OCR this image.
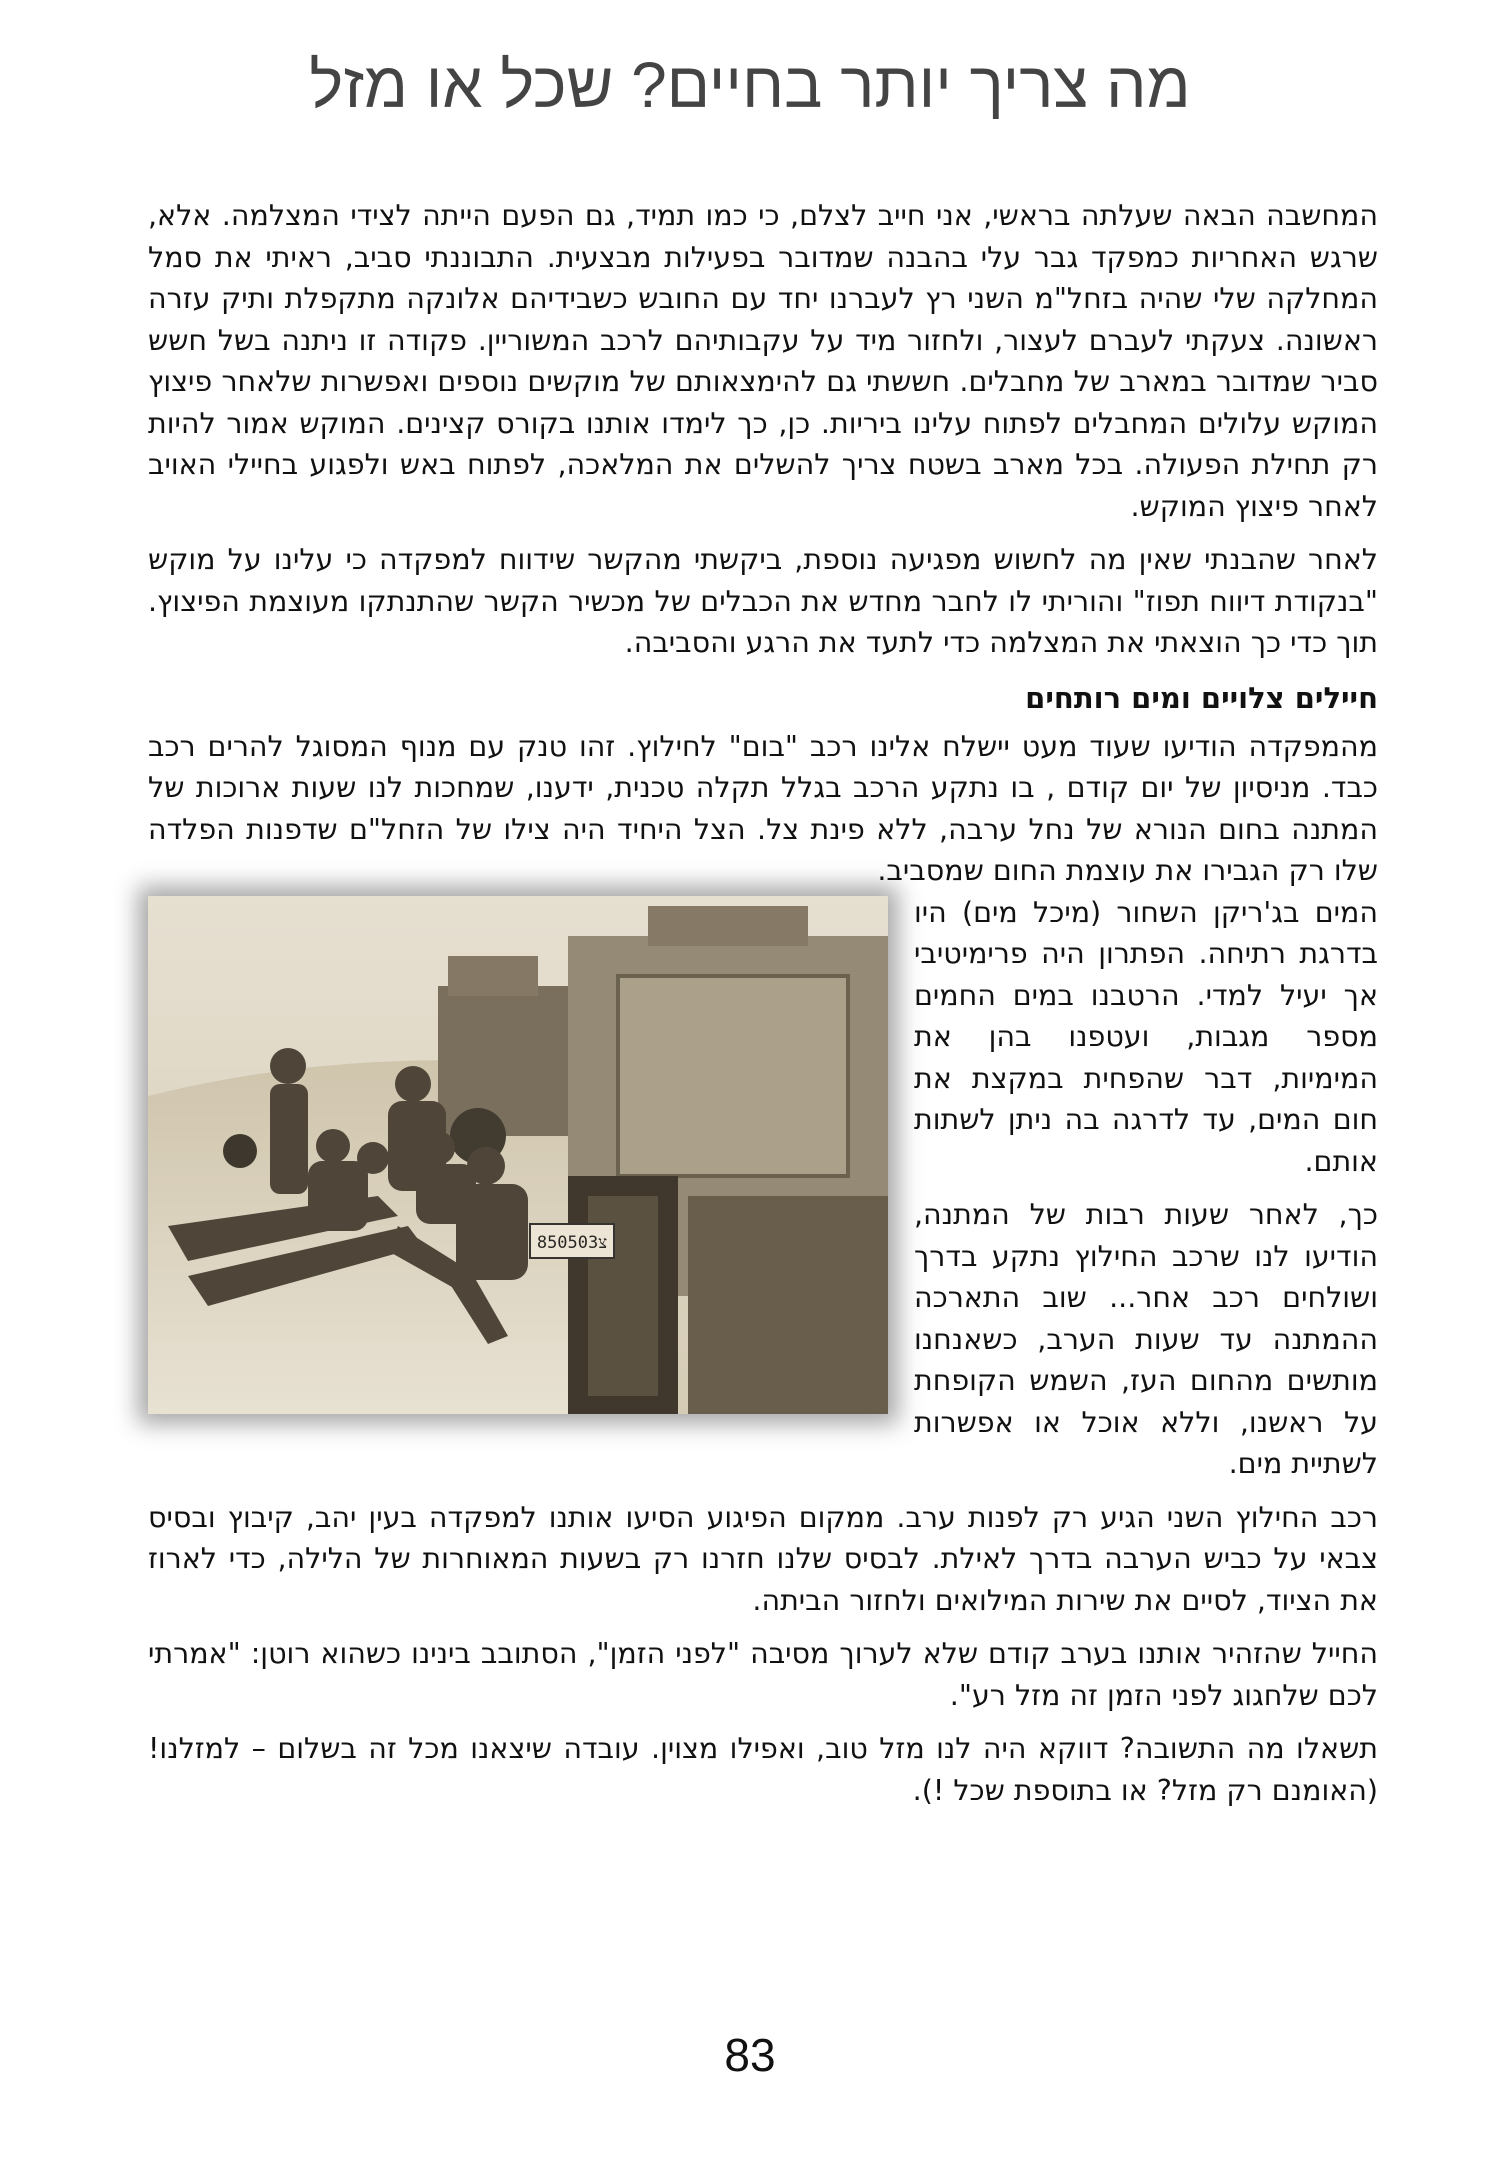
מה צריך יותר בחיים? שכל או מזל

המחשבה הבאה שעלתה בראשי, אני חייב לצלם, כי כמו תמיד, גם הפעם הייתה לצידי המצלמה. אלא, שרגש האחריות כמפקד גבר עלי בהבנה שמדובר בפעילות מבצעית. התבוננתי סביב, ראיתי את סמל המחלקה שלי שהיה בזחל"מ השני רץ לעברנו יחד עם החובש כשבידיהם אלונקה מתקפלת ותיק עזרה ראשונה. צעקתי לעברם לעצור, ולחזור מיד על עקבותיהם לרכב המשוריין. פקודה זו ניתנה בשל חשש סביר שמדובר במארב של מחבלים. חששתי גם להימצאותם של מוקשים נוספים ואפשרות שלאחר פיצוץ המוקש עלולים המחבלים לפתוח עלינו ביריות. כן, כך לימדו אותנו בקורס קצינים. המוקש אמור להיות רק תחילת הפעולה. בכל מארב בשטח צריך להשלים את המלאכה, לפתוח באש ולפגוע בחיילי האויב לאחר פיצוץ המוקש.

לאחר שהבנתי שאין מה לחשוש מפגיעה נוספת, ביקשתי מהקשר שידווח למפקדה כי עלינו על מוקש "בנקודת דיווח תפוז" והוריתי לו לחבר מחדש את הכבלים של מכשיר הקשר שהתנתקו מעוצמת הפיצוץ. תוך כדי כך הוצאתי את המצלמה כדי לתעד את הרגע והסביבה.

חיילים צלויים ומים רותחים

מהמפקדה הודיעו שעוד מעט יישלח אלינו רכב "בום" לחילוץ. זהו טנק עם מנוף המסוגל להרים רכב כבד. מניסיון של יום קודם , בו נתקע הרכב בגלל תקלה טכנית, ידענו, שמחכות לנו שעות ארוכות של המתנה בחום הנורא של נחל ערבה, ללא פינת צל. הצל היחיד היה צילו של הזחל"ם שדפנות הפלדה שלו רק הגבירו את עוצמת החום שמסביב.

850503צ

המים בג'ריקן השחור (מיכל מים) היו בדרגת רתיחה. הפתרון היה פרימיטיבי אך יעיל למדי. הרטבנו במים החמים מספר מגבות, ועטפנו בהן את המימיות, דבר שהפחית במקצת את חום המים, עד לדרגה בה ניתן לשתות אותם.

כך, לאחר שעות רבות של המתנה, הודיעו לנו שרכב החילוץ נתקע בדרך ושולחים רכב אחר... שוב התארכה ההמתנה עד שעות הערב, כשאנחנו מותשים מהחום העז, השמש הקופחת על ראשנו, וללא אוכל או אפשרות לשתיית מים.

רכב החילוץ השני הגיע רק לפנות ערב. ממקום הפיגוע הסיעו אותנו למפקדה בעין יהב, קיבוץ ובסיס צבאי על כביש הערבה בדרך לאילת. לבסיס שלנו חזרנו רק בשעות המאוחרות של הלילה, כדי לארוז את הציוד, לסיים את שירות המילואים ולחזור הביתה.

החייל שהזהיר אותנו בערב קודם שלא לערוך מסיבה "לפני הזמן", הסתובב בינינו כשהוא רוטן: "אמרתי לכם שלחגוג לפני הזמן זה מזל רע".

תשאלו מה התשובה? דווקא היה לנו מזל טוב, ואפילו מצוין. עובדה שיצאנו מכל זה בשלום – למזלנו! (האומנם רק מזל? או בתוספת שכל !).

83
